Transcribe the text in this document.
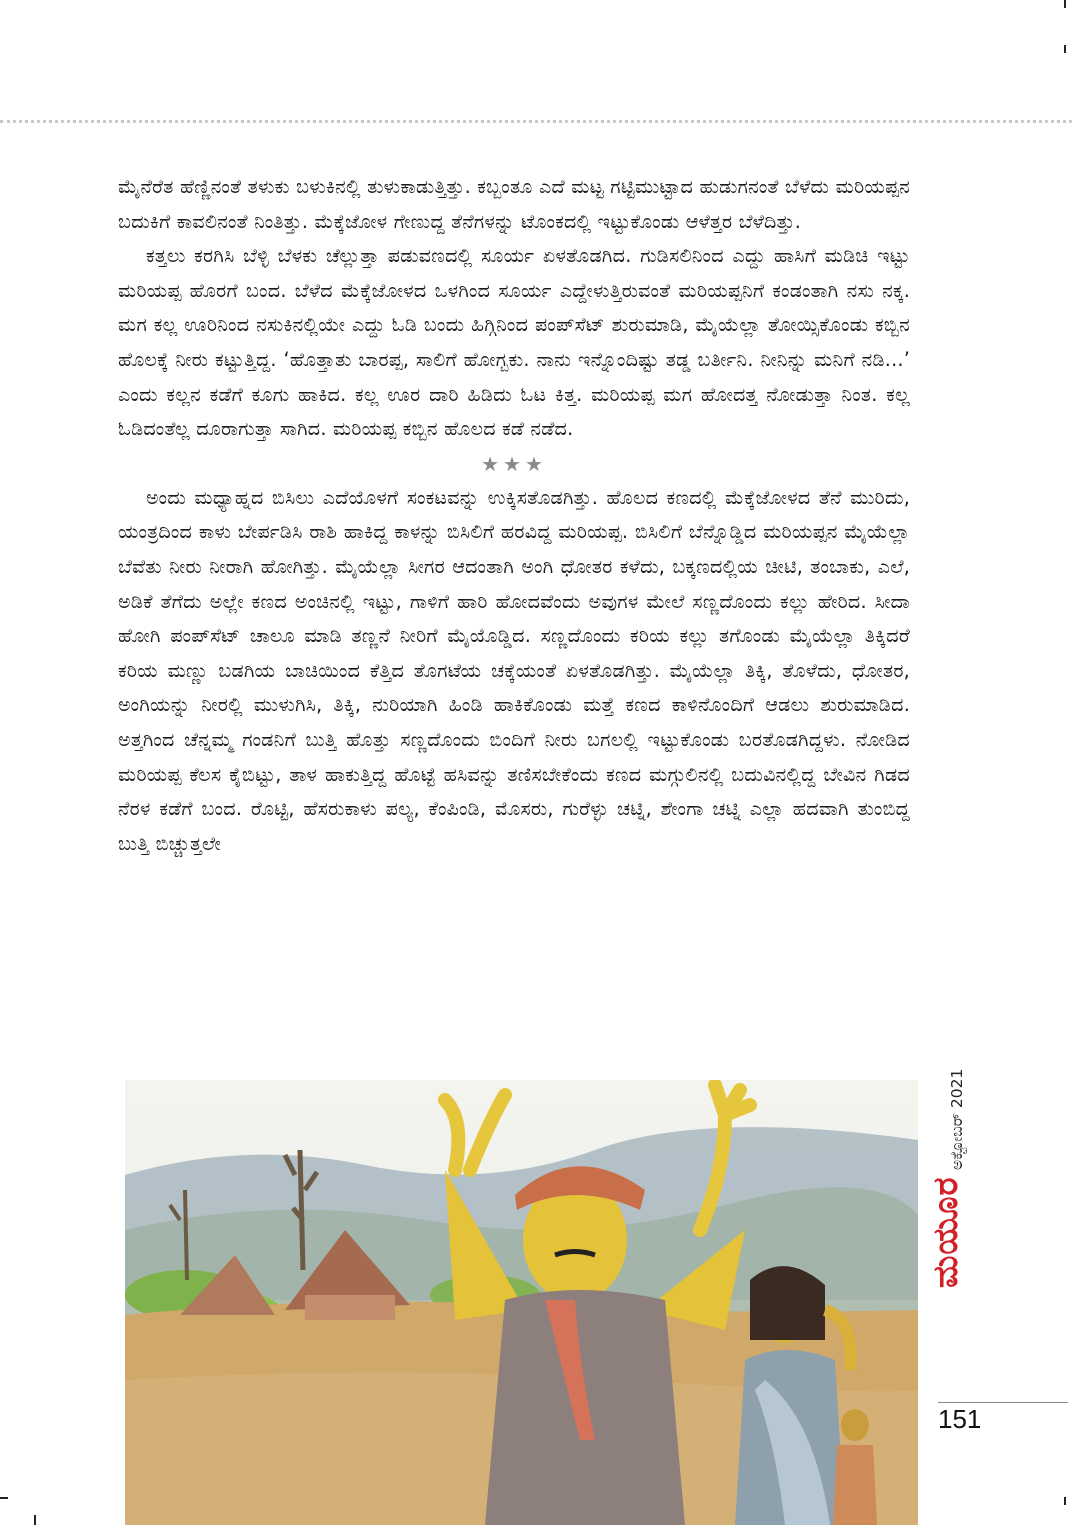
ಮೈನೆರೆತ ಹೆಣ್ಣಿನಂತೆ ತಳುಕು ಬಳುಕಿನಲ್ಲಿ ತುಳುಕಾಡುತ್ತಿತ್ತು. ಕಬ್ಬಂತೂ ಎದೆ ಮಟ್ಟ ಗಟ್ಟಿಮುಟ್ಟಾದ ಹುಡುಗನಂತೆ ಬೆಳೆದು ಮರಿಯಪ್ಪನ ಬದುಕಿಗೆ ಕಾವಲಿನಂತೆ ನಿಂತಿತ್ತು. ಮೆಕ್ಕೆಜೋಳ ಗೇಣುದ್ದ ತೆನೆಗಳನ್ನು ಟೊಂಕದಲ್ಲಿ ಇಟ್ಟುಕೊಂಡು ಆಳೆತ್ತರ ಬೆಳೆದಿತ್ತು.

ಕತ್ತಲು ಕರಗಿಸಿ ಬೆಳ್ಳಿ ಬೆಳಕು ಚೆಲ್ಲುತ್ತಾ ಪಡುವಣದಲ್ಲಿ ಸೂರ್ಯ ಏಳತೊಡಗಿದ. ಗುಡಿಸಲಿನಿಂದ ಎದ್ದು ಹಾಸಿಗೆ ಮಡಿಚಿ ಇಟ್ಟು ಮರಿಯಪ್ಪ ಹೊರಗೆ ಬಂದ. ಬೆಳೆದ ಮೆಕ್ಕೆಜೋಳದ ಒಳಗಿಂದ ಸೂರ್ಯ ಎದ್ದೇಳುತ್ತಿರುವಂತೆ ಮರಿಯಪ್ಪನಿಗೆ ಕಂಡಂತಾಗಿ ನಸು ನಕ್ಕ. ಮಗ ಕಲ್ಲ ಊರಿನಿಂದ ನಸುಕಿನಲ್ಲಿಯೇ ಎದ್ದು ಓಡಿ ಬಂದು ಹಿಗ್ಗಿನಿಂದ ಪಂಪ್‌ಸೆಟ್ ಶುರುಮಾಡಿ, ಮೈಯೆಲ್ಲಾ ತೋಯ್ಸಿಕೊಂಡು ಕಬ್ಬಿನ ಹೊಲಕ್ಕೆ ನೀರು ಕಟ್ಟುತ್ತಿದ್ದ. ‘ಹೊತ್ತಾತು ಬಾರಪ್ಪ, ಸಾಲಿಗೆ ಹೋಗ್ಬಕು. ನಾನು ಇನ್ನೊಂದಿಷ್ಟು ತಡ್ಡ ಬರ್ತೀನಿ. ನೀನಿನ್ನು ಮನಿಗೆ ನಡಿ...’ ಎಂದು ಕಲ್ಲನ ಕಡೆಗೆ ಕೂಗು ಹಾಕಿದ. ಕಲ್ಲ ಊರ ದಾರಿ ಹಿಡಿದು ಓಟ ಕಿತ್ತ. ಮರಿಯಪ್ಪ ಮಗ ಹೋದತ್ತ ನೋಡುತ್ತಾ ನಿಂತ. ಕಲ್ಲ ಓಡಿದಂತೆಲ್ಲ ದೂರಾಗುತ್ತಾ ಸಾಗಿದ. ಮರಿಯಪ್ಪ ಕಬ್ಬಿನ ಹೊಲದ ಕಡೆ ನಡೆದ.

★★★

ಅಂದು ಮಧ್ಯಾಹ್ನದ ಬಿಸಿಲು ಎದೆಯೊಳಗೆ ಸಂಕಟವನ್ನು ಉಕ್ಕಿಸತೊಡಗಿತ್ತು. ಹೊಲದ ಕಣದಲ್ಲಿ ಮೆಕ್ಕೆಜೋಳದ ತೆನೆ ಮುರಿದು, ಯಂತ್ರದಿಂದ ಕಾಳು ಬೇರ್ಪಡಿಸಿ ರಾಶಿ ಹಾಕಿದ್ದ ಕಾಳನ್ನು ಬಿಸಿಲಿಗೆ ಹರವಿದ್ದ ಮರಿಯಪ್ಪ. ಬಿಸಿಲಿಗೆ ಬೆನ್ನೊಡ್ಡಿದ ಮರಿಯಪ್ಪನ ಮೈಯೆಲ್ಲಾ ಬೆವೆತು ನೀರು ನೀರಾಗಿ ಹೋಗಿತ್ತು. ಮೈಯೆಲ್ಲಾ ಸೀಗರ ಆದಂತಾಗಿ ಅಂಗಿ ಧೋತರ ಕಳೆದು, ಬಕ್ಕಣದಲ್ಲಿಯ ಚೀಟಿ, ತಂಬಾಕು, ಎಲೆ, ಅಡಿಕೆ ತೆಗೆದು ಅಲ್ಲೇ ಕಣದ ಅಂಚಿನಲ್ಲಿ ಇಟ್ಟು, ಗಾಳಿಗೆ ಹಾರಿ ಹೋದವೆಂದು ಅವುಗಳ ಮೇಲೆ ಸಣ್ಣದೊಂದು ಕಲ್ಲು ಹೇರಿದ. ಸೀದಾ ಹೋಗಿ ಪಂಪ್‌ಸೆಟ್ ಚಾಲೂ ಮಾಡಿ ತಣ್ಣನೆ ನೀರಿಗೆ ಮೈಯೊಡ್ಡಿದ. ಸಣ್ಣದೊಂದು ಕರಿಯ ಕಲ್ಲು ತಗೊಂಡು ಮೈಯೆಲ್ಲಾ ತಿಕ್ಕಿದರೆ ಕರಿಯ ಮಣ್ಣು ಬಡಗಿಯ ಬಾಚಿಯಿಂದ ಕೆತ್ತಿದ ತೊಗಟೆಯ ಚಕ್ಕೆಯಂತೆ ಏಳತೊಡಗಿತ್ತು. ಮೈಯೆಲ್ಲಾ ತಿಕ್ಕಿ, ತೊಳೆದು, ಧೋತರ, ಅಂಗಿಯನ್ನು ನೀರಲ್ಲಿ ಮುಳುಗಿಸಿ, ತಿಕ್ಕಿ, ನುರಿಯಾಗಿ ಹಿಂಡಿ ಹಾಕಿಕೊಂಡು ಮತ್ತೆ ಕಣದ ಕಾಳಿನೊಂದಿಗೆ ಆಡಲು ಶುರುಮಾಡಿದ. ಅತ್ತಗಿಂದ ಚೆನ್ನಮ್ಮ ಗಂಡನಿಗೆ ಬುತ್ತಿ ಹೊತ್ತು ಸಣ್ಣದೊಂದು ಬಿಂದಿಗೆ ನೀರು ಬಗಲಲ್ಲಿ ಇಟ್ಟುಕೊಂಡು ಬರತೊಡಗಿದ್ದಳು. ನೋಡಿದ ಮರಿಯಪ್ಪ ಕೆಲಸ ಕೈಬಿಟ್ಟು, ತಾಳ ಹಾಕುತ್ತಿದ್ದ ಹೊಟ್ಟೆ ಹಸಿವನ್ನು ತಣಿಸಬೇಕೆಂದು ಕಣದ ಮಗ್ಗುಲಿನಲ್ಲಿ ಬದುವಿನಲ್ಲಿದ್ದ ಬೇವಿನ ಗಿಡದ ನೆರಳ ಕಡೆಗೆ ಬಂದ. ರೊಟ್ಟಿ, ಹೆಸರುಕಾಳು ಪಲ್ಯ, ಕೆಂಪಿಂಡಿ, ಮೊಸರು, ಗುರೆಳ್ಳು ಚಟ್ನಿ, ಶೇಂಗಾ ಚಟ್ನಿ ಎಲ್ಲಾ ಹದವಾಗಿ ತುಂಬಿದ್ದ ಬುತ್ತಿ ಬಿಚ್ಚುತ್ತಲೇ

ಅಕ್ಟೋಬರ್ 2021
ಮಯೂರ
151
